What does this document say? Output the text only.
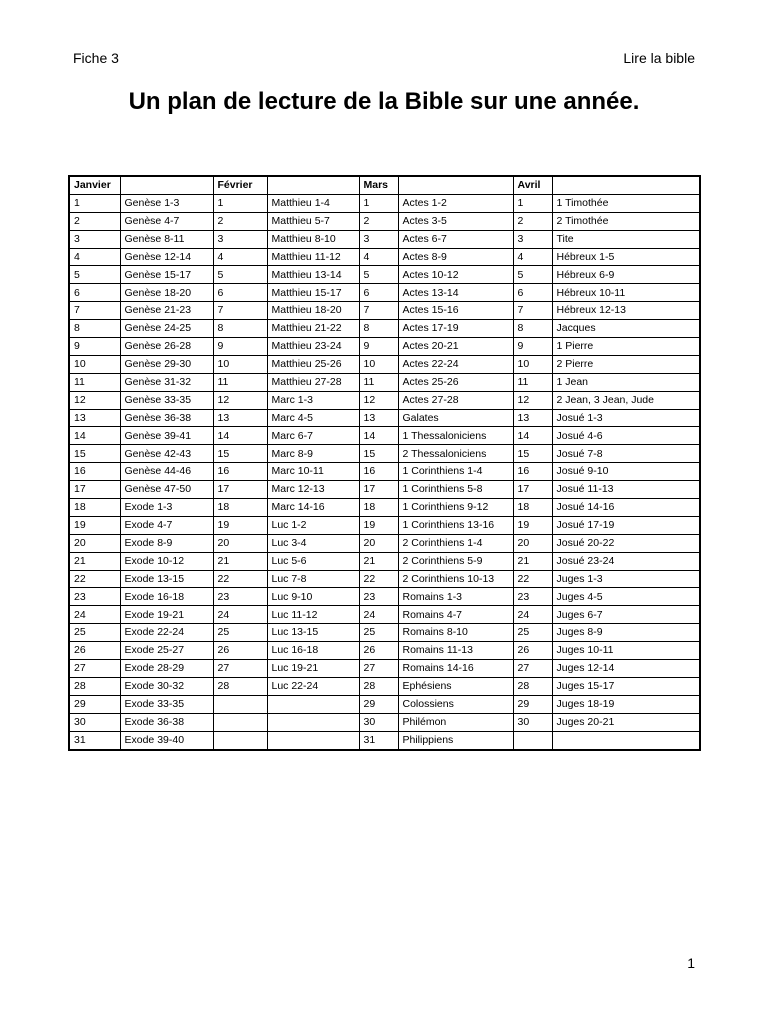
Fiche 3	Lire la bible
Un plan de lecture de la Bible sur une année.
Janvier		Février		Mars		Avril	
1	Genèse 1-3	1	Matthieu 1-4	1	Actes 1-2	1	1 Timothée
2	Genèse 4-7	2	Matthieu 5-7	2	Actes 3-5	2	2 Timothée
3	Genèse 8-11	3	Matthieu 8-10	3	Actes 6-7	3	Tite
4	Genèse 12-14	4	Matthieu 11-12	4	Actes 8-9	4	Hébreux 1-5
5	Genèse 15-17	5	Matthieu 13-14	5	Actes 10-12	5	Hébreux 6-9
6	Genèse 18-20	6	Matthieu 15-17	6	Actes 13-14	6	Hébreux 10-11
7	Genèse 21-23	7	Matthieu 18-20	7	Actes 15-16	7	Hébreux 12-13
8	Genèse 24-25	8	Matthieu 21-22	8	Actes 17-19	8	Jacques
9	Genèse 26-28	9	Matthieu 23-24	9	Actes 20-21	9	1 Pierre
10	Genèse 29-30	10	Matthieu 25-26	10	Actes 22-24	10	2 Pierre
11	Genèse 31-32	11	Matthieu 27-28	11	Actes 25-26	11	1 Jean
12	Genèse 33-35	12	Marc 1-3	12	Actes 27-28	12	2 Jean, 3 Jean, Jude
13	Genèse 36-38	13	Marc 4-5	13	Galates	13	Josué 1-3
14	Genèse 39-41	14	Marc 6-7	14	1 Thessaloniciens	14	Josué 4-6
15	Genèse 42-43	15	Marc 8-9	15	2 Thessaloniciens	15	Josué 7-8
16	Genèse 44-46	16	Marc 10-11	16	1 Corinthiens 1-4	16	Josué 9-10
17	Genèse 47-50	17	Marc 12-13	17	1 Corinthiens 5-8	17	Josué 11-13
18	Exode 1-3	18	Marc 14-16	18	1 Corinthiens 9-12	18	Josué 14-16
19	Exode 4-7	19	Luc 1-2	19	1 Corinthiens 13-16	19	Josué 17-19
20	Exode 8-9	20	Luc 3-4	20	2 Corinthiens 1-4	20	Josué 20-22
21	Exode 10-12	21	Luc 5-6	21	2 Corinthiens 5-9	21	Josué 23-24
22	Exode 13-15	22	Luc 7-8	22	2 Corinthiens 10-13	22	Juges 1-3
23	Exode 16-18	23	Luc 9-10	23	Romains 1-3	23	Juges 4-5
24	Exode 19-21	24	Luc 11-12	24	Romains 4-7	24	Juges 6-7
25	Exode 22-24	25	Luc 13-15	25	Romains 8-10	25	Juges 8-9
26	Exode 25-27	26	Luc 16-18	26	Romains 11-13	26	Juges 10-11
27	Exode 28-29	27	Luc 19-21	27	Romains 14-16	27	Juges 12-14
28	Exode 30-32	28	Luc 22-24	28	Ephésiens	28	Juges 15-17
29	Exode 33-35			29	Colossiens	29	Juges 18-19
30	Exode 36-38			30	Philémon	30	Juges 20-21
31	Exode 39-40			31	Philippiens		
1
